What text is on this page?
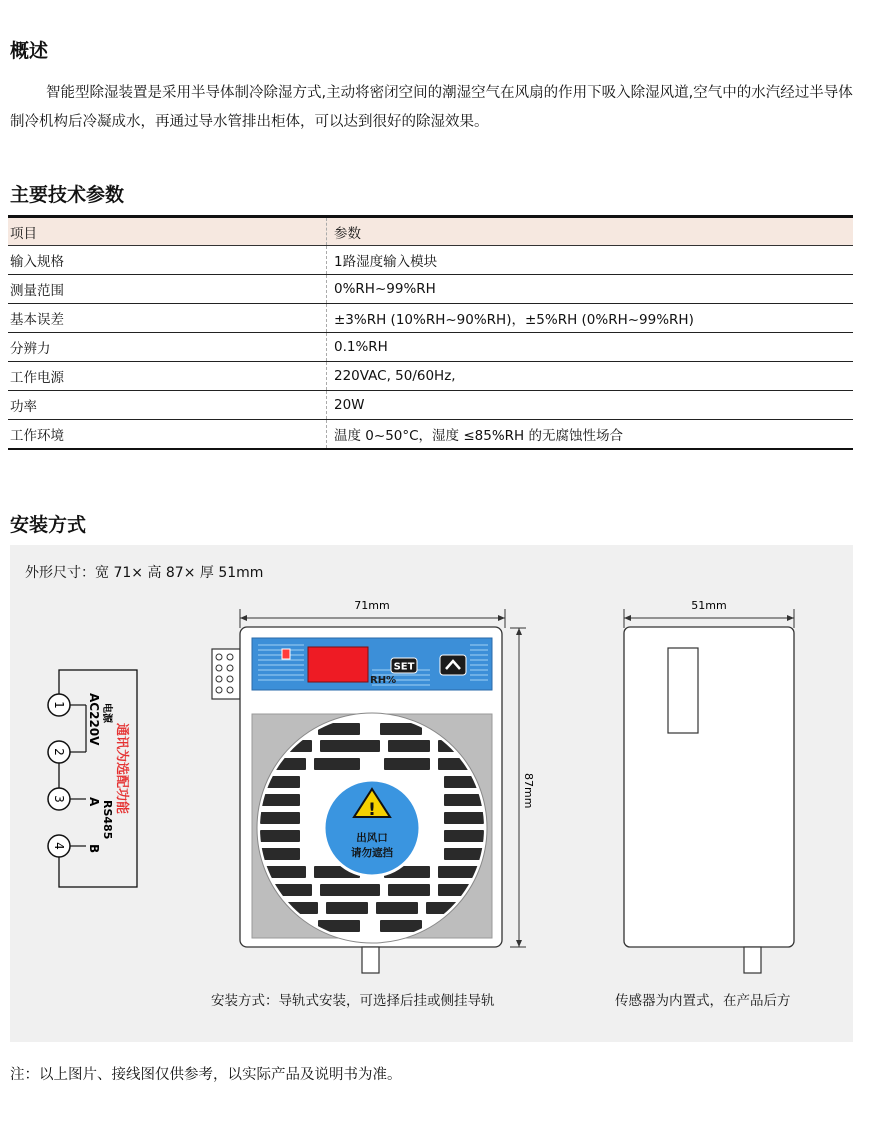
概述

智能型除湿装置是采用半导体制冷除湿方式,主动将密闭空间的潮湿空气在风扇的作用下吸入除湿风道,空气中的水汽经过半导体制冷机构后冷凝成水，再通过导水管排出柜体，可以达到很好的除湿效果。

主要技术参数
项目	参数
输入规格	1路湿度输入模块
测量范围	0%RH~99%RH
基本误差	±3%RH (10%RH~90%RH)，±5%RH (0%RH~99%RH)
分辨力	0.1%RH
工作电源	220VAC, 50/60Hz,
功率	20W
工作环境	温度 0~50°C，湿度 ≤85%RH 的无腐蚀性场合
安装方式
外形尺寸：宽 71× 高 87× 厚 51mm
1
2
3
4
AC220V 电源
A RS485
B
通讯为选配功能
71mm
87mm
RH%
SET
!
出风口
请勿遮挡
51mm
安装方式：导轨式安装，可选择后挂或侧挂导轨	传感器为内置式，在产品后方
注：以上图片、接线图仅供参考，以实际产品及说明书为准。
